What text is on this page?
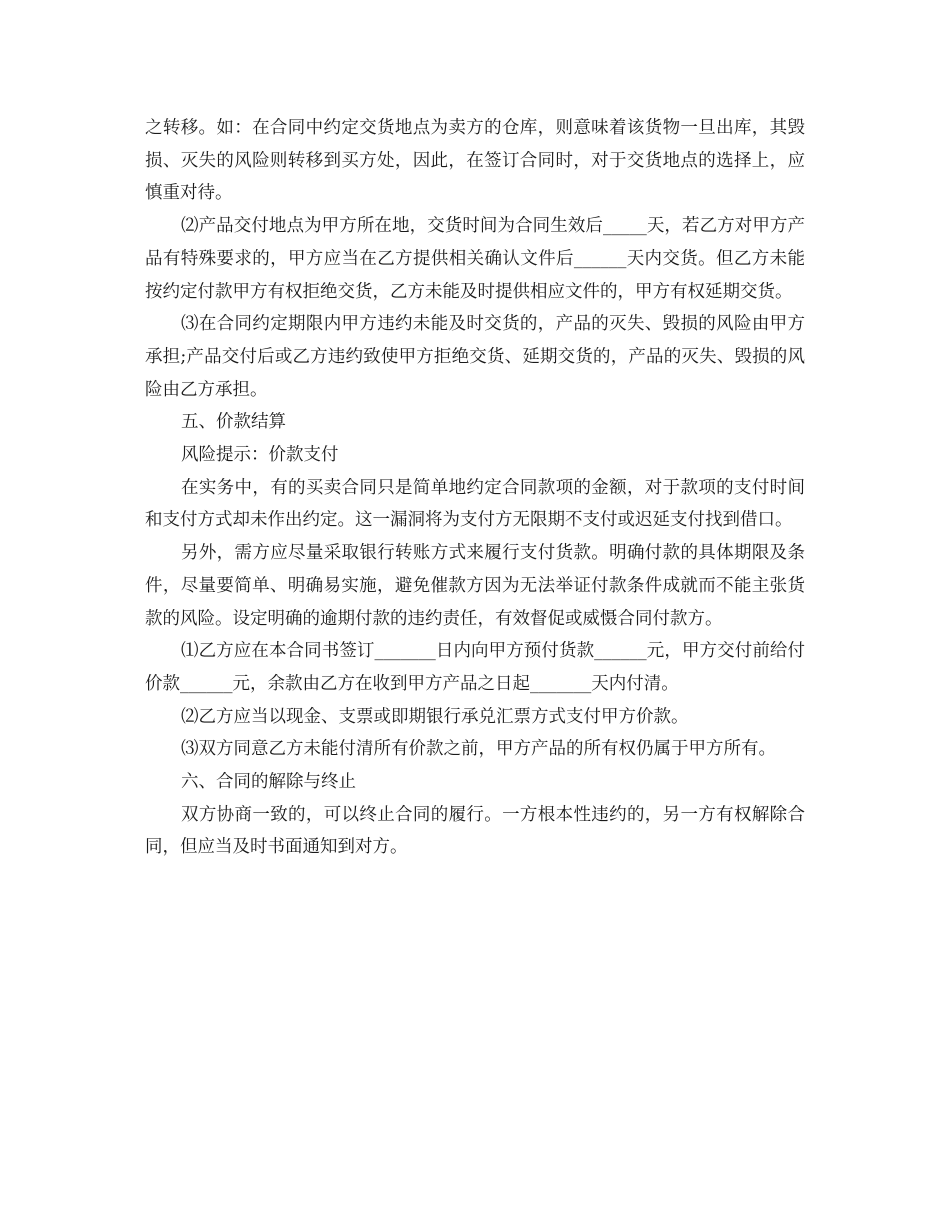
之转移。如：在合同中约定交货地点为卖方的仓库，则意味着该货物一旦出库，其毁损、灭失的风险则转移到买方处，因此，在签订合同时，对于交货地点的选择上，应慎重对待。

⑵产品交付地点为甲方所在地，交货时间为合同生效后_____天，若乙方对甲方产品有特殊要求的，甲方应当在乙方提供相关确认文件后______天内交货。但乙方未能按约定付款甲方有权拒绝交货，乙方未能及时提供相应文件的，甲方有权延期交货。

⑶在合同约定期限内甲方违约未能及时交货的，产品的灭失、毁损的风险由甲方承担;产品交付后或乙方违约致使甲方拒绝交货、延期交货的，产品的灭失、毁损的风险由乙方承担。

五、价款结算

风险提示：价款支付

在实务中，有的买卖合同只是简单地约定合同款项的金额，对于款项的支付时间和支付方式却未作出约定。这一漏洞将为支付方无限期不支付或迟延支付找到借口。

另外，需方应尽量采取银行转账方式来履行支付货款。明确付款的具体期限及条件，尽量要简单、明确易实施，避免催款方因为无法举证付款条件成就而不能主张货款的风险。设定明确的逾期付款的违约责任，有效督促或威慑合同付款方。

⑴乙方应在本合同书签订_______日内向甲方预付货款______元，甲方交付前给付价款______元，余款由乙方在收到甲方产品之日起_______天内付清。

⑵乙方应当以现金、支票或即期银行承兑汇票方式支付甲方价款。

⑶双方同意乙方未能付清所有价款之前，甲方产品的所有权仍属于甲方所有。

六、合同的解除与终止

双方协商一致的，可以终止合同的履行。一方根本性违约的，另一方有权解除合同，但应当及时书面通知到对方。
